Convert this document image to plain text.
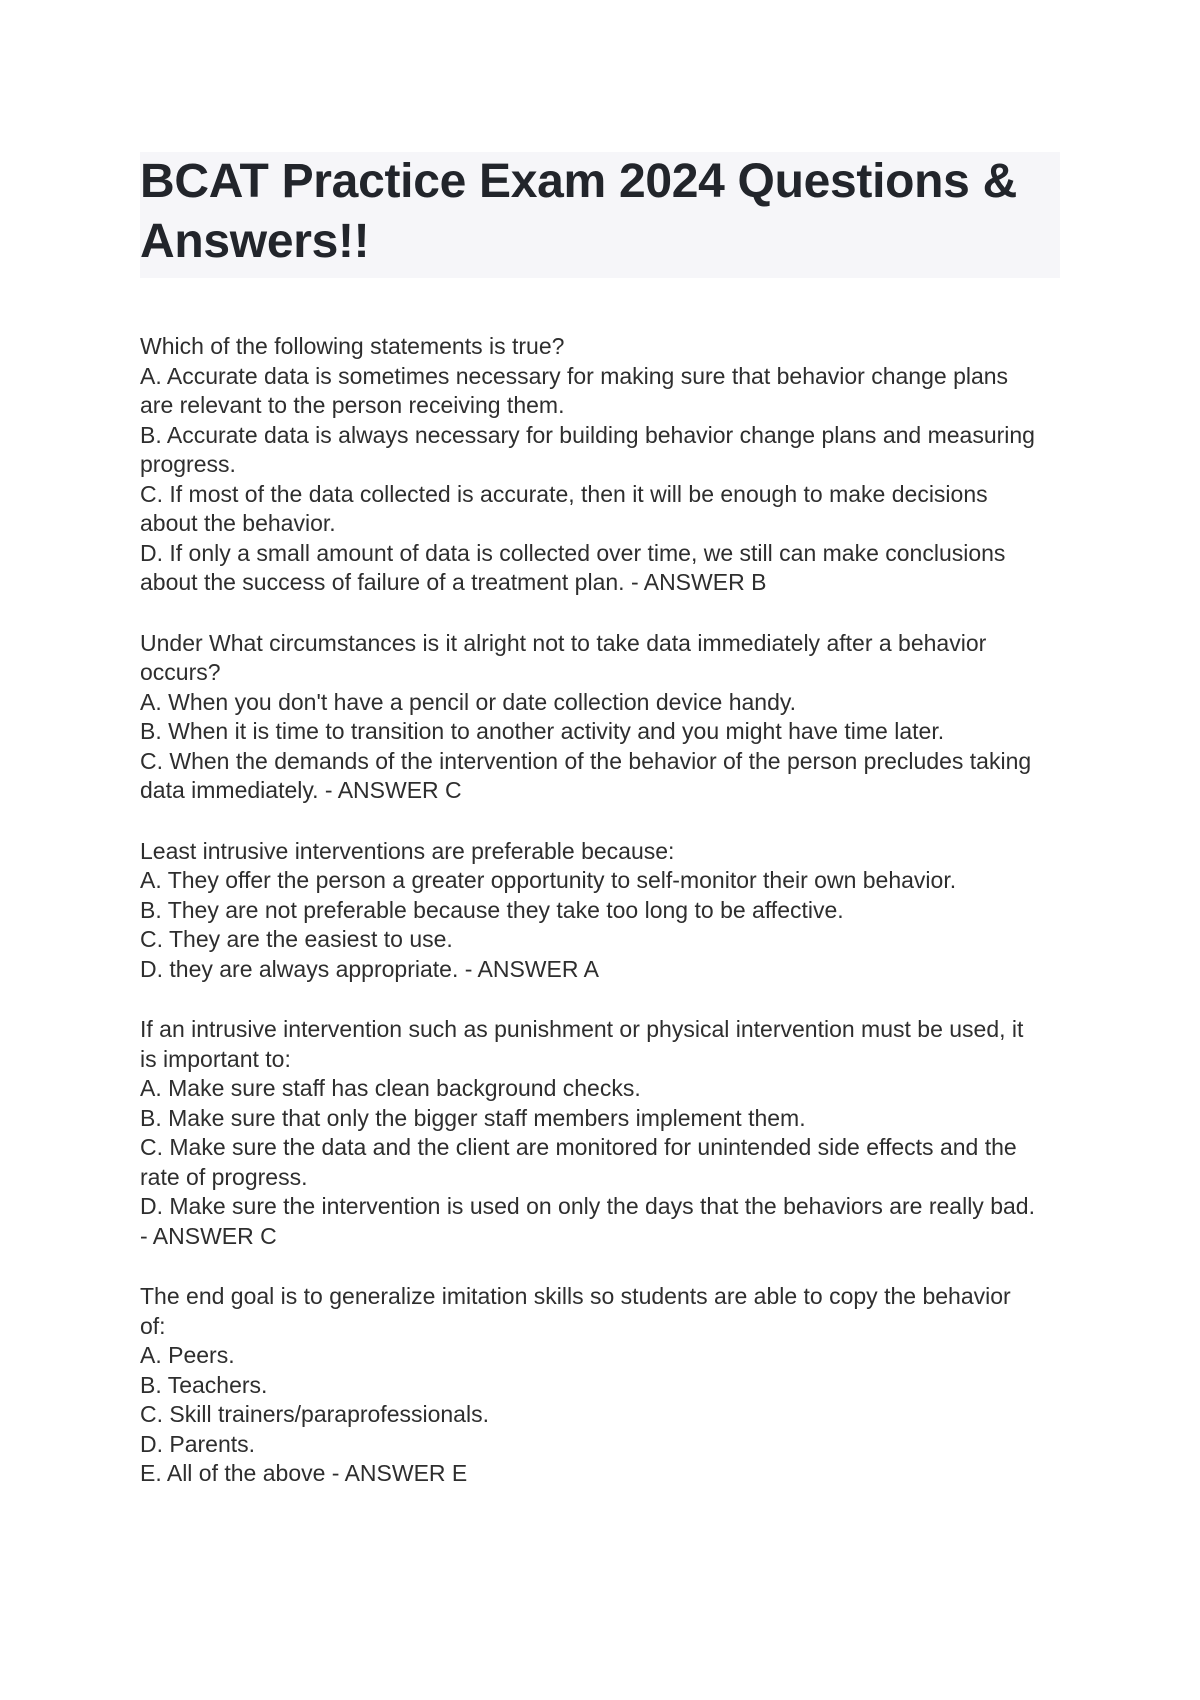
BCAT Practice Exam 2024 Questions &
Answers!!
Which of the following statements is true?
A. Accurate data is sometimes necessary for making sure that behavior change plans
are relevant to the person receiving them.
B. Accurate data is always necessary for building behavior change plans and measuring
progress.
C. If most of the data collected is accurate, then it will be enough to make decisions
about the behavior.
D. If only a small amount of data is collected over time, we still can make conclusions
about the success of failure of a treatment plan. - ANSWER B
Under What circumstances is it alright not to take data immediately after a behavior
occurs?
A. When you don't have a pencil or date collection device handy.
B. When it is time to transition to another activity and you might have time later.
C. When the demands of the intervention of the behavior of the person precludes taking
data immediately. - ANSWER C
Least intrusive interventions are preferable because:
A. They offer the person a greater opportunity to self-monitor their own behavior.
B. They are not preferable because they take too long to be affective.
C. They are the easiest to use.
D. they are always appropriate. - ANSWER A
If an intrusive intervention such as punishment or physical intervention must be used, it
is important to:
A. Make sure staff has clean background checks.
B. Make sure that only the bigger staff members implement them.
C. Make sure the data and the client are monitored for unintended side effects and the
rate of progress.
D. Make sure the intervention is used on only the days that the behaviors are really bad.
- ANSWER C
The end goal is to generalize imitation skills so students are able to copy the behavior
of:
A. Peers.
B. Teachers.
C. Skill trainers/paraprofessionals.
D. Parents.
E. All of the above - ANSWER E
